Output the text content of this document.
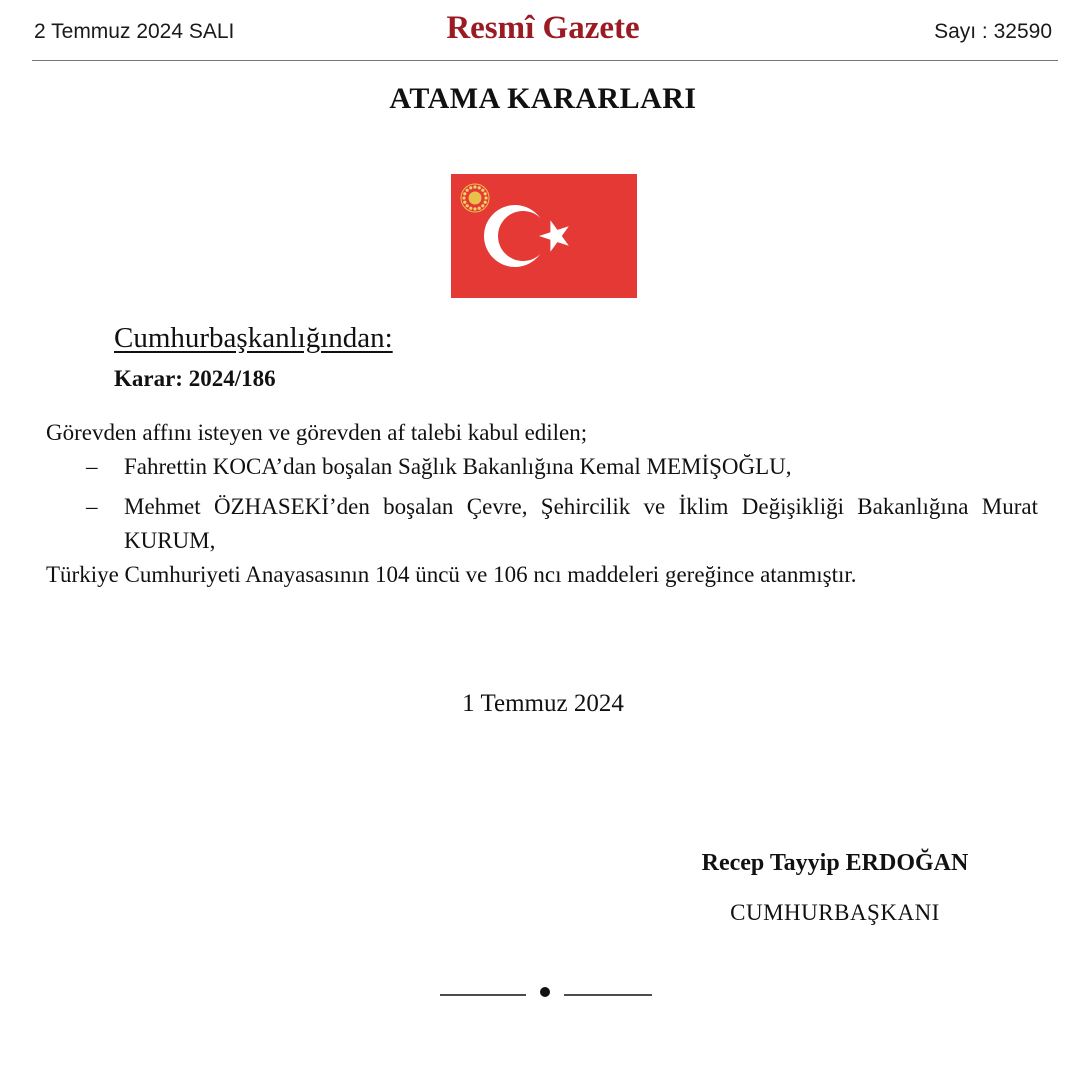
2 Temmuz 2024 SALI	Resmî Gazete	Sayı : 32590
ATAMA KARARLARI
Cumhurbaşkanlığından:
Karar: 2024/186
Görevden affını isteyen ve görevden af talebi kabul edilen;
– Fahrettin KOCA’dan boşalan Sağlık Bakanlığına Kemal MEMİŞOĞLU,
– Mehmet ÖZHASEKİ’den boşalan Çevre, Şehircilik ve İklim Değişikliği Bakanlığına Murat KURUM,
Türkiye Cumhuriyeti Anayasasının 104 üncü ve 106 ncı maddeleri gereğince atanmıştır.
1 Temmuz 2024
Recep Tayyip ERDOĞAN
CUMHURBAŞKANI
